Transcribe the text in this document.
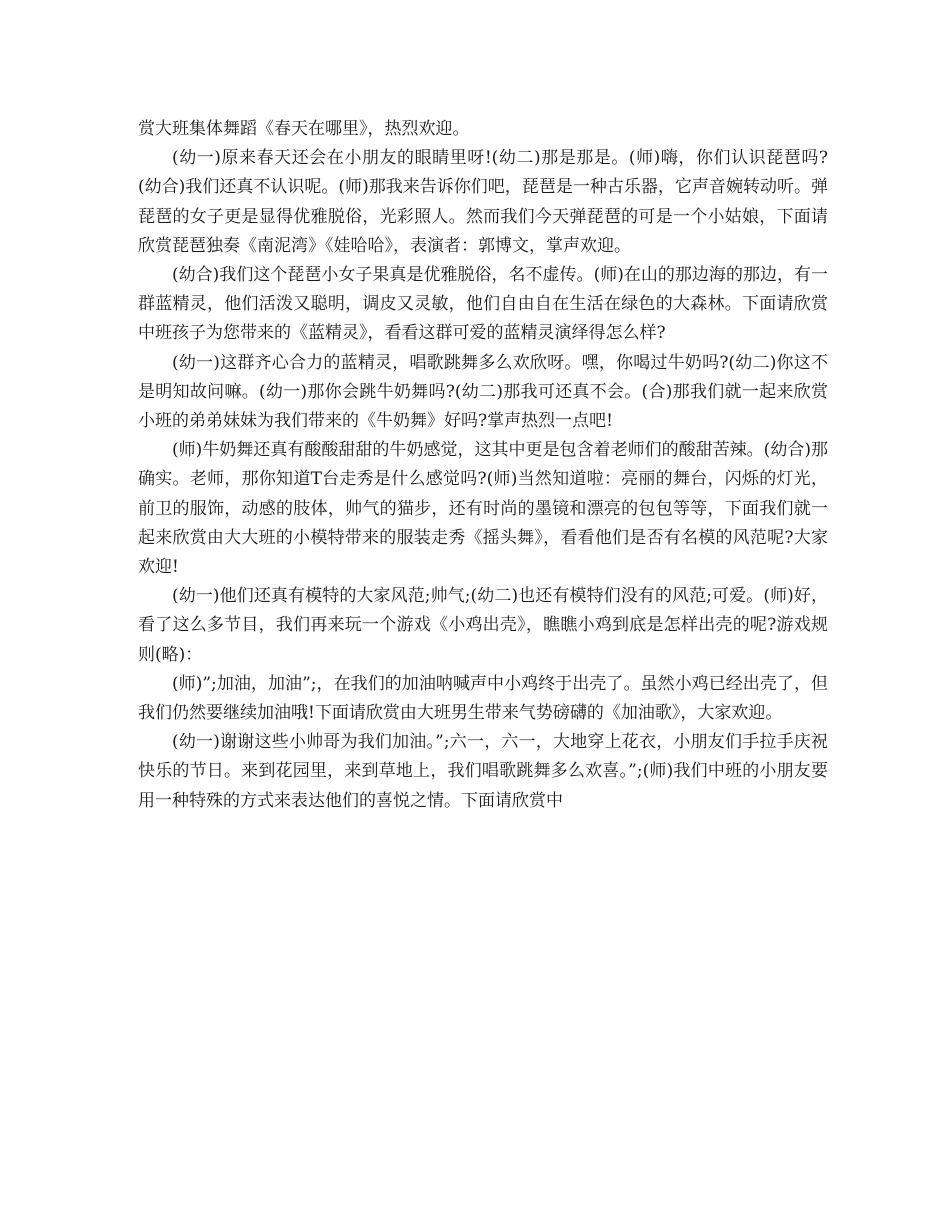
赏大班集体舞蹈《春天在哪里》，热烈欢迎。

(幼一)原来春天还会在小朋友的眼睛里呀!(幼二)那是那是。(师)嗨，你们认识琵琶吗?(幼合)我们还真不认识呢。(师)那我来告诉你们吧，琵琶是一种古乐器，它声音婉转动听。弹琵琶的女子更是显得优雅脱俗，光彩照人。然而我们今天弹琵琶的可是一个小姑娘，下面请欣赏琵琶独奏《南泥湾》《娃哈哈》，表演者：郭博文，掌声欢迎。

(幼合)我们这个琵琶小女子果真是优雅脱俗，名不虚传。(师)在山的那边海的那边，有一群蓝精灵，他们活泼又聪明，调皮又灵敏，他们自由自在生活在绿色的大森林。下面请欣赏中班孩子为您带来的《蓝精灵》，看看这群可爱的蓝精灵演绎得怎么样?

(幼一)这群齐心合力的蓝精灵，唱歌跳舞多么欢欣呀。嘿，你喝过牛奶吗?(幼二)你这不是明知故问嘛。(幼一)那你会跳牛奶舞吗?(幼二)那我可还真不会。(合)那我们就一起来欣赏小班的弟弟妹妹为我们带来的《牛奶舞》好吗?掌声热烈一点吧!

(师)牛奶舞还真有酸酸甜甜的牛奶感觉，这其中更是包含着老师们的酸甜苦辣。(幼合)那确实。老师，那你知道T台走秀是什么感觉吗?(师)当然知道啦：亮丽的舞台，闪烁的灯光，前卫的服饰，动感的肢体，帅气的猫步，还有时尚的墨镜和漂亮的包包等等，下面我们就一起来欣赏由大大班的小模特带来的服装走秀《摇头舞》，看看他们是否有名模的风范呢?大家欢迎!

(幼一)他们还真有模特的大家风范;帅气;(幼二)也还有模特们没有的风范;可爱。(师)好，看了这么多节目，我们再来玩一个游戏《小鸡出壳》，瞧瞧小鸡到底是怎样出壳的呢?游戏规则(略)：

(师)”;加油，加油”;，在我们的加油呐喊声中小鸡终于出壳了。虽然小鸡已经出壳了，但我们仍然要继续加油哦!下面请欣赏由大班男生带来气势磅礴的《加油歌》，大家欢迎。

(幼一)谢谢这些小帅哥为我们加油。”;六一，六一，大地穿上花衣，小朋友们手拉手庆祝快乐的节日。来到花园里，来到草地上，我们唱歌跳舞多么欢喜。”;(师)我们中班的小朋友要用一种特殊的方式来表达他们的喜悦之情。下面请欣赏中
